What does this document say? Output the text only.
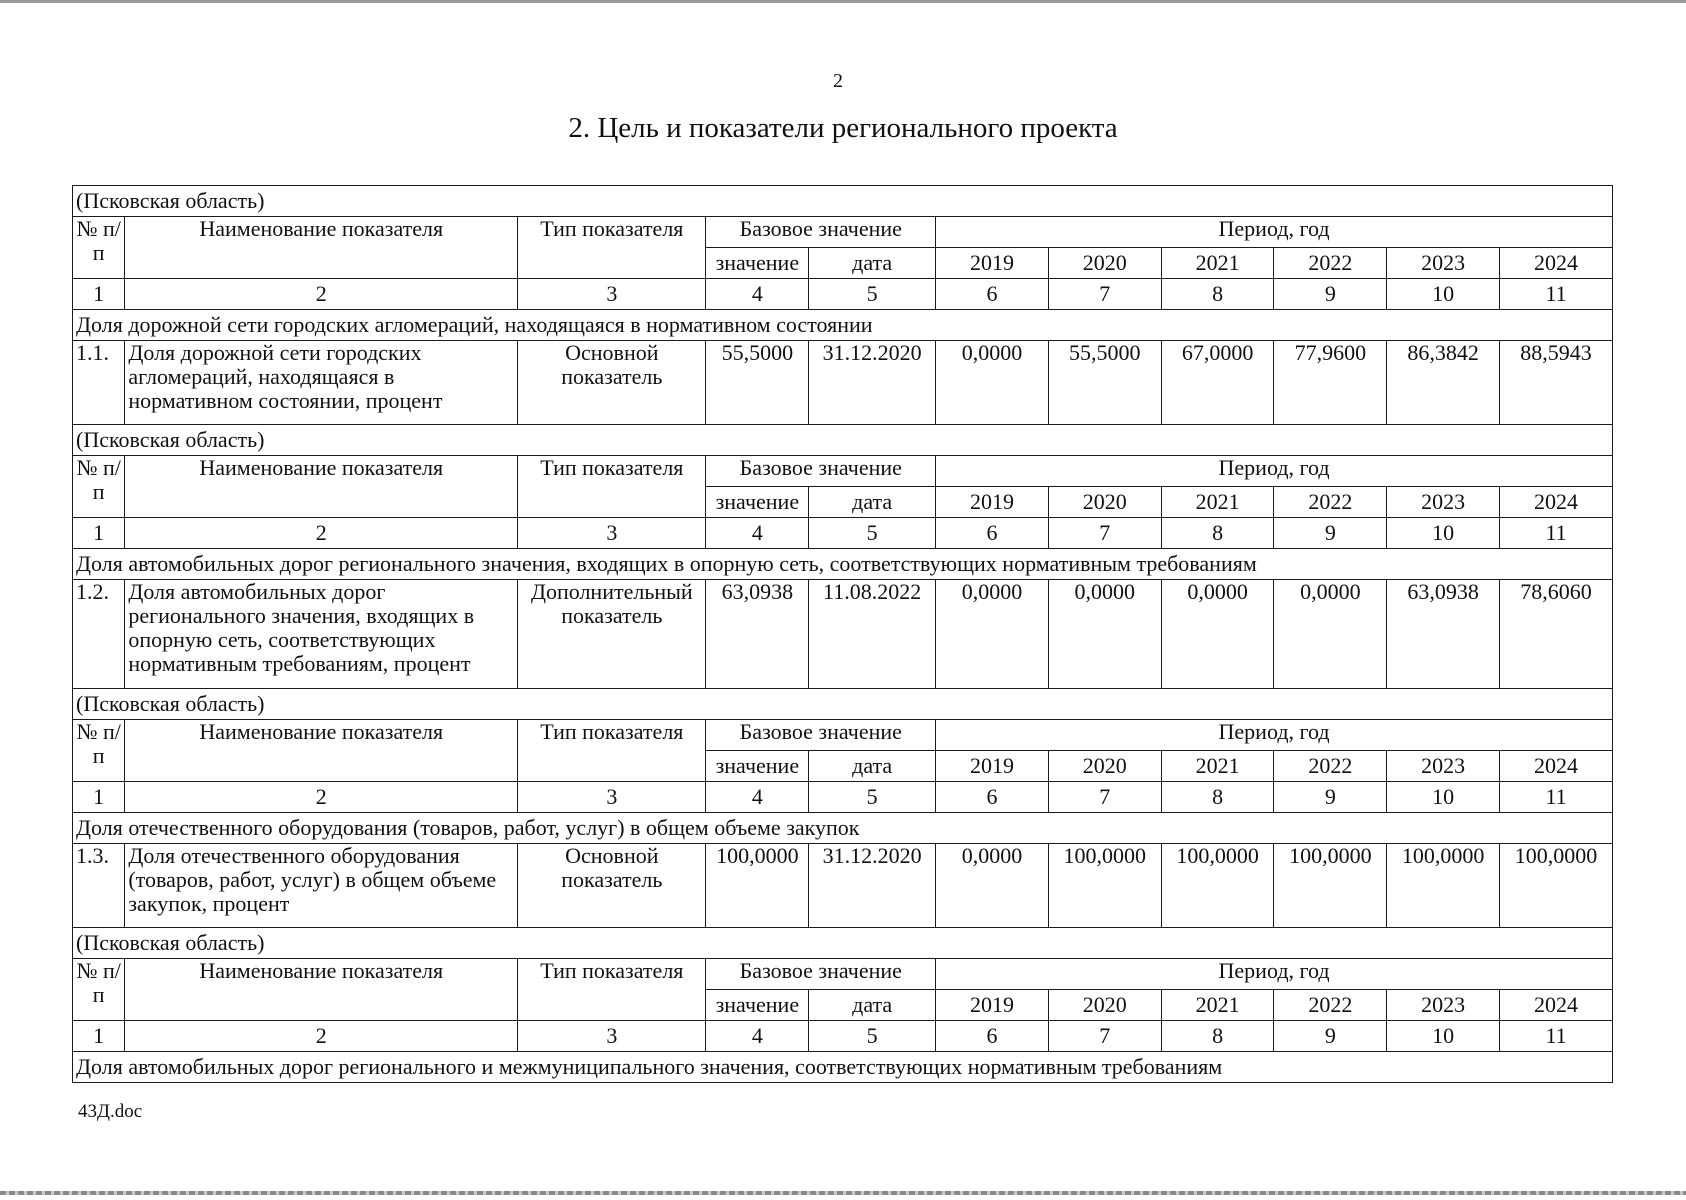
2
2. Цель и показатели регионального проекта
(Псковская область)										
№ п/п	Наименование показателя	Тип показателя	Базовое значение		Период, год					
			значение	дата	2019	2020	2021	2022	2023	2024
1	2	3	4	5	6	7	8	9	10	11
Доля дорожной сети городских агломераций, находящаяся в нормативном состоянии										
1.1.	Доля дорожной сети городских агломераций, находящаяся в нормативном состоянии, процент	Основной показатель	55,5000	31.12.2020	0,0000	55,5000	67,0000	77,9600	86,3842	88,5943
(Псковская область)										
№ п/п	Наименование показателя	Тип показателя	Базовое значение		Период, год					
			значение	дата	2019	2020	2021	2022	2023	2024
1	2	3	4	5	6	7	8	9	10	11
Доля автомобильных дорог регионального значения, входящих в опорную сеть, соответствующих нормативным требованиям										
1.2.	Доля автомобильных дорог регионального значения, входящих в опорную сеть, соответствующих нормативным требованиям, процент	Дополнительный показатель	63,0938	11.08.2022	0,0000	0,0000	0,0000	0,0000	63,0938	78,6060
(Псковская область)										
№ п/п	Наименование показателя	Тип показателя	Базовое значение		Период, год					
			значение	дата	2019	2020	2021	2022	2023	2024
1	2	3	4	5	6	7	8	9	10	11
Доля отечественного оборудования (товаров, работ, услуг) в общем объеме закупок										
1.3.	Доля отечественного оборудования (товаров, работ, услуг) в общем объеме закупок, процент	Основной показатель	100,0000	31.12.2020	0,0000	100,0000	100,0000	100,0000	100,0000	100,0000
(Псковская область)										
№ п/п	Наименование показателя	Тип показателя	Базовое значение		Период, год					
			значение	дата	2019	2020	2021	2022	2023	2024
1	2	3	4	5	6	7	8	9	10	11
Доля автомобильных дорог регионального и межмуниципального значения, соответствующих нормативным требованиям										
43Д.doc
